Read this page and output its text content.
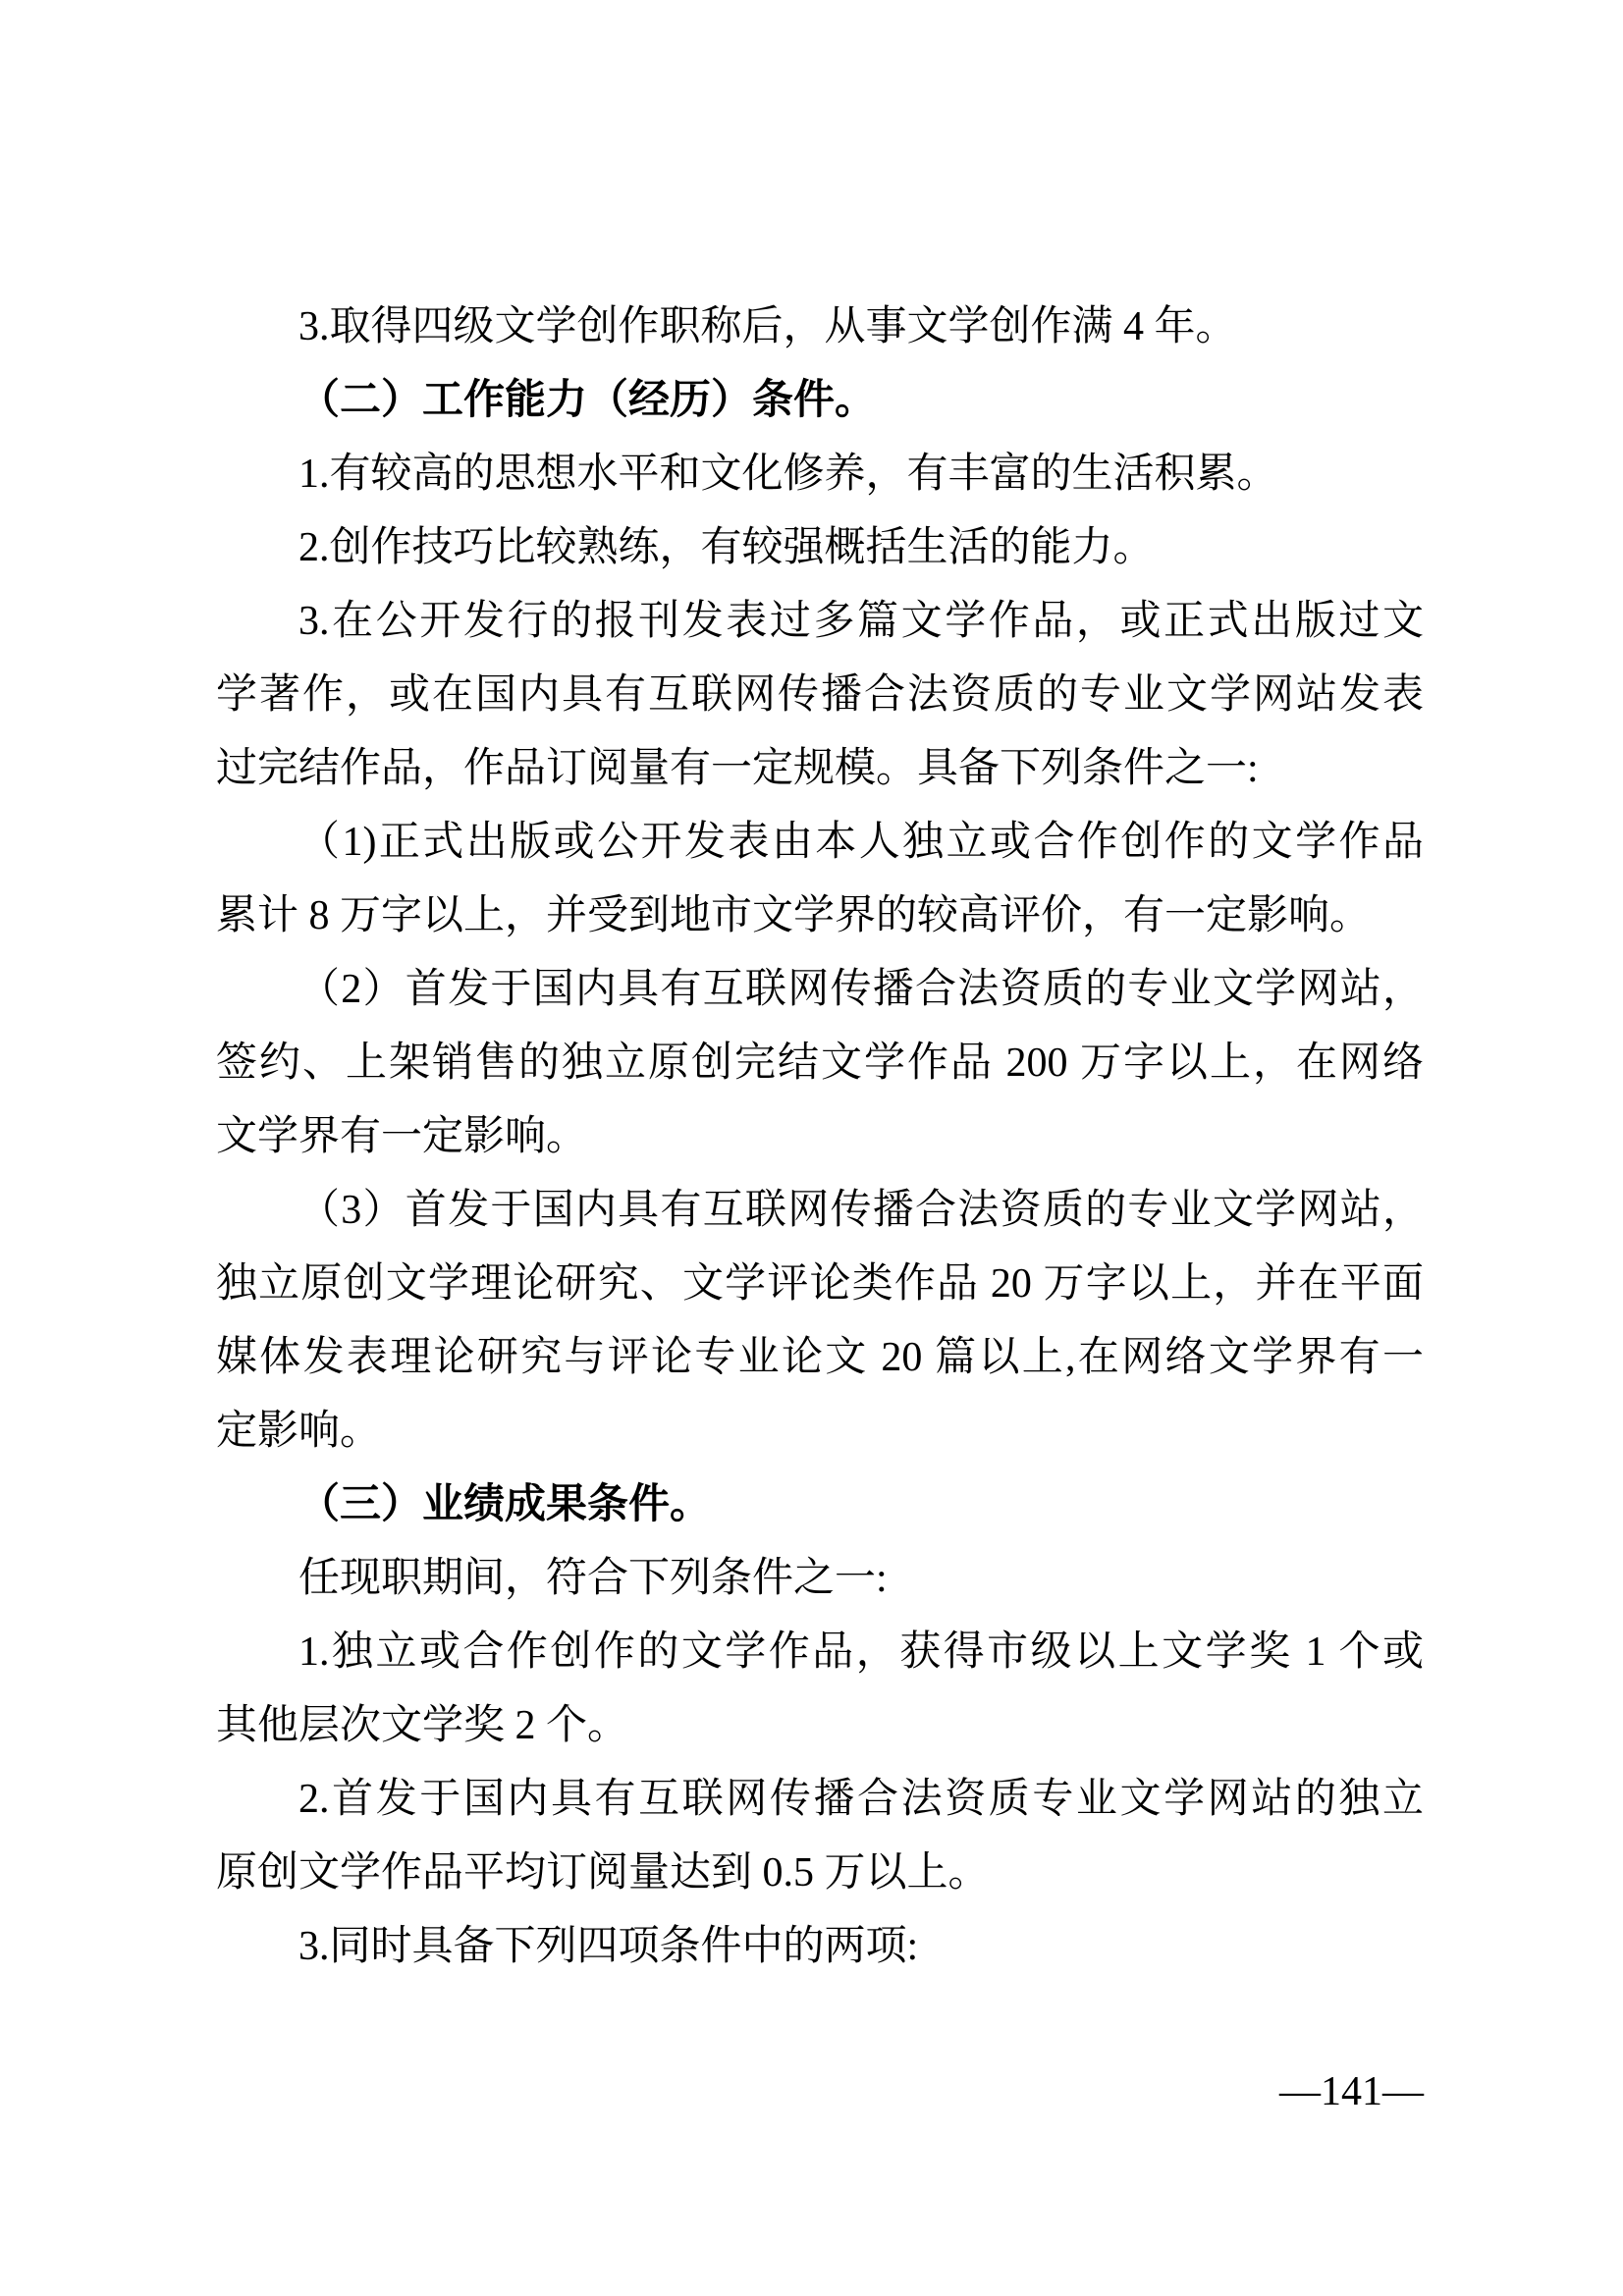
3.取得四级文学创作职称后，从事文学创作满 4 年。
（二）工作能力（经历）条件。
1.有较高的思想水平和文化修养，有丰富的生活积累。
2.创作技巧比较熟练，有较强概括生活的能力。
3.在公开发行的报刊发表过多篇文学作品，或正式出版过文
学著作，或在国内具有互联网传播合法资质的专业文学网站发表
过完结作品，作品订阅量有一定规模。具备下列条件之一:
（1)正式出版或公开发表由本人独立或合作创作的文学作品
累计 8 万字以上，并受到地市文学界的较高评价，有一定影响。
（2）首发于国内具有互联网传播合法资质的专业文学网站，
签约、上架销售的独立原创完结文学作品 200 万字以上，在网络
文学界有一定影响。
（3）首发于国内具有互联网传播合法资质的专业文学网站，
独立原创文学理论研究、文学评论类作品 20 万字以上，并在平面
媒体发表理论研究与评论专业论文 20 篇以上,在网络文学界有一
定影响。
（三）业绩成果条件。
任现职期间，符合下列条件之一:
1.独立或合作创作的文学作品，获得市级以上文学奖 1 个或
其他层次文学奖 2 个。
2.首发于国内具有互联网传播合法资质专业文学网站的独立
原创文学作品平均订阅量达到 0.5 万以上。
3.同时具备下列四项条件中的两项:
—141—
